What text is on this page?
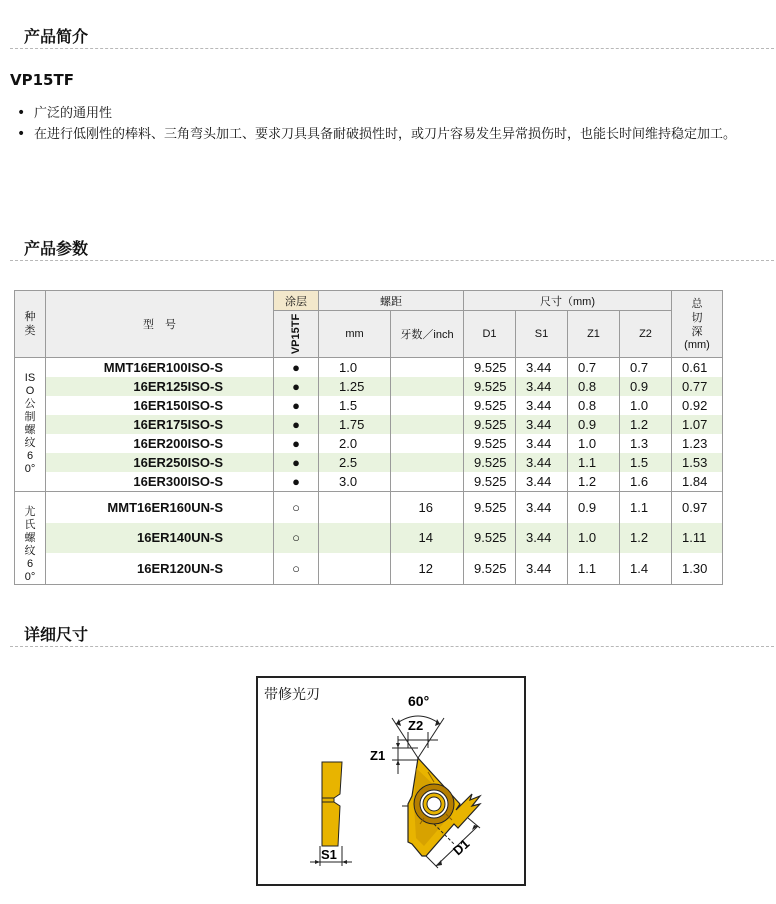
产品简介
VP15TF
• 广泛的通用性
• 在进行低刚性的棒料、三角弯头加工、要求刀具具备耐破损性时，或刀片容易发生异常损伤时，也能长时间维持稳定加工。
产品参数
种类	型　号	涂层	螺距		尺寸（mm)				总切深
(mm)
		VP15TF			D1	S1	Z1	Z2	
			mm	牙数／inch					
ISO公制螺纹60°	MMT16ER100ISO-S	●	1.0		9.525	3.44	0.7	0.7	0.61
	16ER125ISO-S	●	1.25		9.525	3.44	0.8	0.9	0.77
	16ER150ISO-S	●	1.5		9.525	3.44	0.8	1.0	0.92
	16ER175ISO-S	●	1.75		9.525	3.44	0.9	1.2	1.07
	16ER200ISO-S	●	2.0		9.525	3.44	1.0	1.3	1.23
	16ER250ISO-S	●	2.5		9.525	3.44	1.1	1.5	1.53
	16ER300ISO-S	●	3.0		9.525	3.44	1.2	1.6	1.84
尤氏螺纹60°	MMT16ER160UN-S	○		16	9.525	3.44	0.9	1.1	0.97
	16ER140UN-S	○		14	9.525	3.44	1.0	1.2	1.11
	16ER120UN-S	○		12	9.525	3.44	1.1	1.4	1.30
详细尺寸

带修光刃

S1
60°
Z2
Z1
D1
